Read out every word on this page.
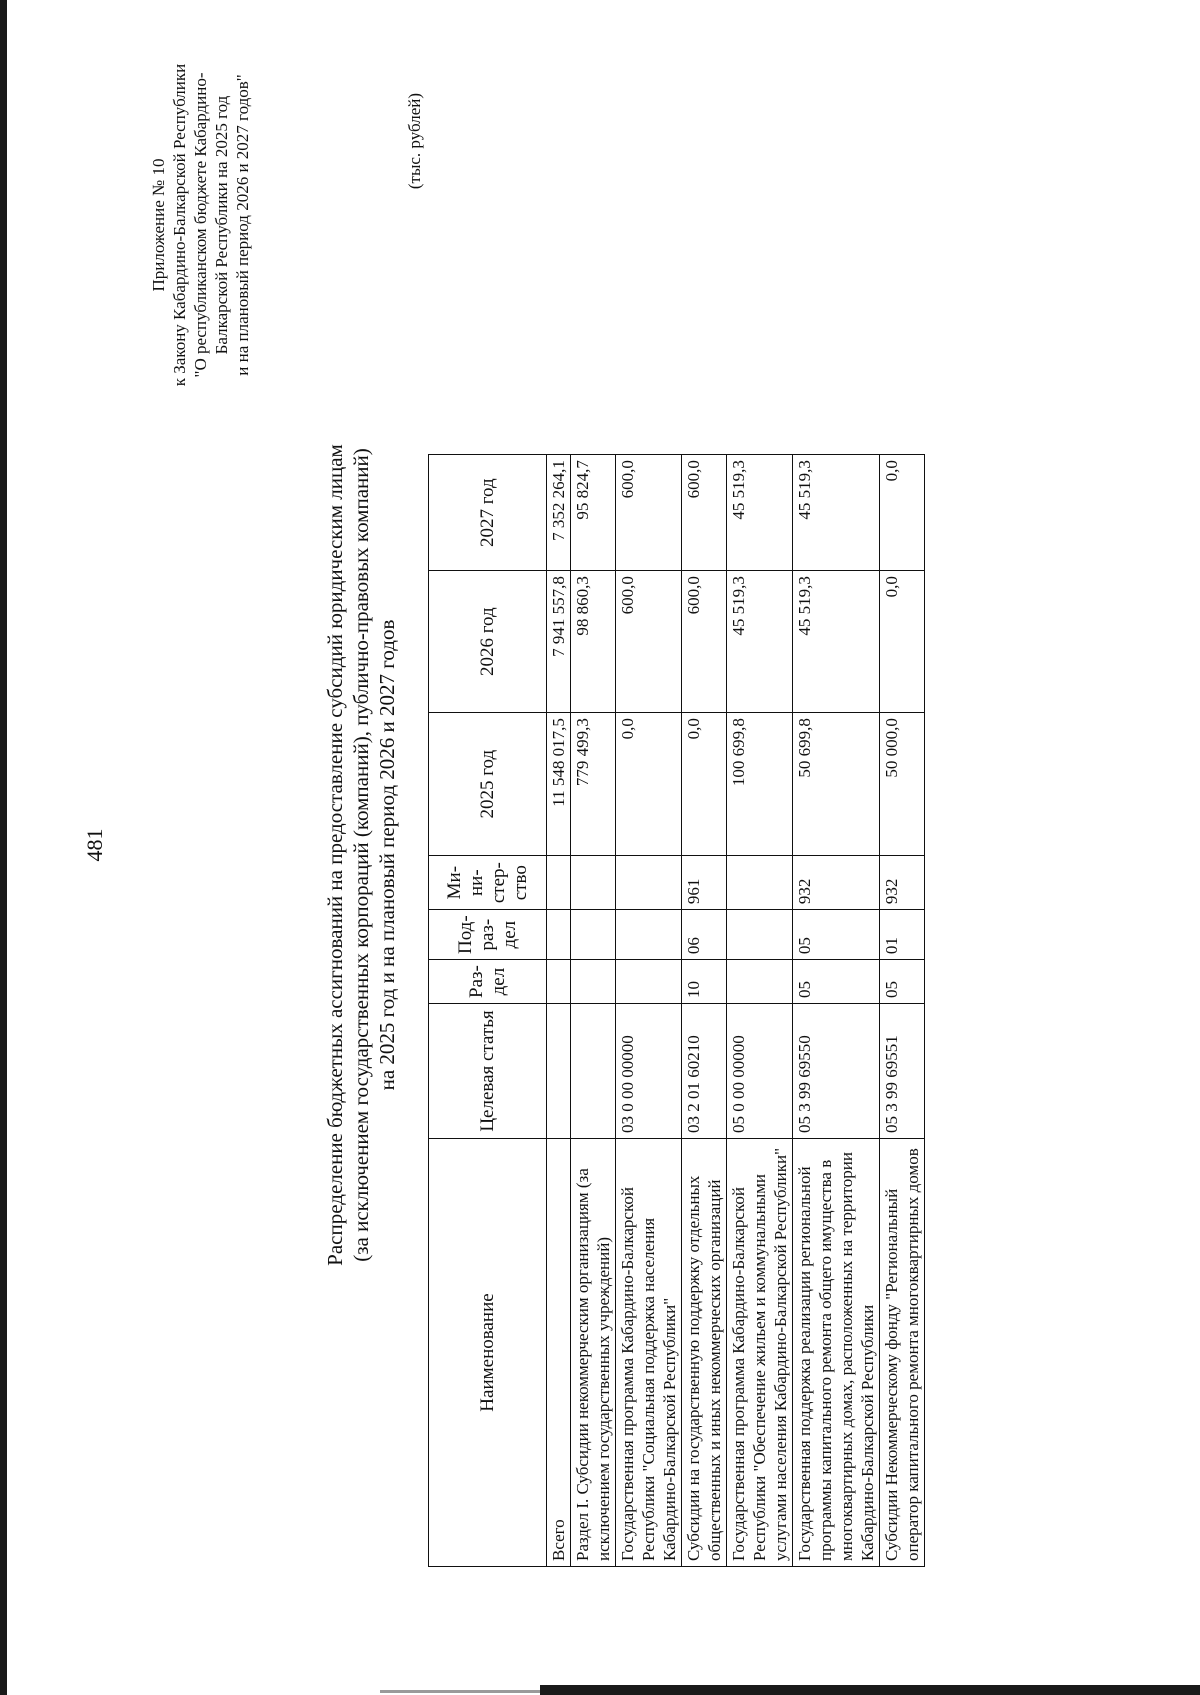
481
Приложение № 10 к Закону Кабардино-Балкарской Республики "О республиканском бюджете Кабардино- Балкарской Республики на 2025 год и на плановый период 2026 и 2027 годов"
Распределение бюджетных ассигнований на предоставление субсидий юридическим лицам (за исключением государственных корпораций (компаний), публично-правовых компаний) на 2025 год и на плановый период 2026 и 2027 годов
(тыс. рублей)
Наименование	Целевая статья	Раз-дел	Под-раз-дел	Ми-ни-стер-ство	2025 год	2026 год	2027 год
Всего					11 548 017,5	7 941 557,8	7 352 264,1
Раздел I. Субсидии некоммерческим организациям (за исключением государственных учреждений)					779 499,3	98 860,3	95 824,7
Государственная программа Кабардино-Балкарской Республики "Социальная поддержка населения Кабардино-Балкарской Республики"	03 0 00 00000				0,0	600,0	600,0
Субсидии на государственную поддержку отдельных общественных и иных некоммерческих организаций	03 2 01 60210	10	06	961	0,0	600,0	600,0
Государственная программа Кабардино-Балкарской Республики "Обеспечение жильем и коммунальными услугами населения Кабардино-Балкарской Республики"	05 0 00 00000				100 699,8	45 519,3	45 519,3
Государственная поддержка реализации региональной программы капитального ремонта общего имущества в многоквартирных домах, расположенных на территории Кабардино-Балкарской Республики	05 3 99 69550	05	05	932	50 699,8	45 519,3	45 519,3
Субсидии Некоммерческому фонду "Региональный оператор капитального ремонта многоквартирных домов	05 3 99 69551	05	01	932	50 000,0	0,0	0,0
